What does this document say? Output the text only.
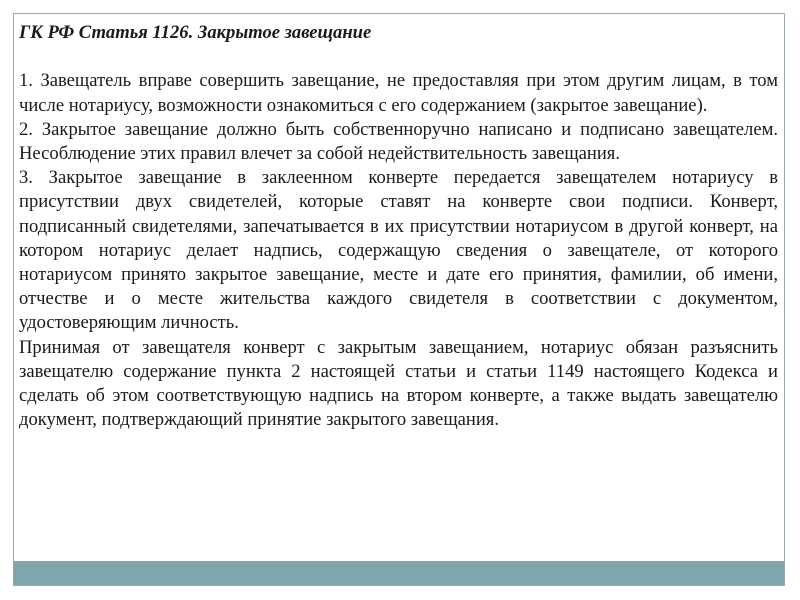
ГК РФ Статья 1126. Закрытое завещание

1. Завещатель вправе совершить завещание, не предоставляя при этом другим лицам, в том числе нотариусу, возможности ознакомиться с его содержанием (закрытое завещание).

2. Закрытое завещание должно быть собственноручно написано и подписано завещателем. Несоблюдение этих правил влечет за собой недействительность завещания.

3. Закрытое завещание в заклеенном конверте передается завещателем нотариусу в присутствии двух свидетелей, которые ставят на конверте свои подписи. Конверт, подписанный свидетелями, запечатывается в их присутствии нотариусом в другой конверт, на котором нотариус делает надпись, содержащую сведения о завещателе, от которого нотариусом принято закрытое завещание, месте и дате его принятия, фамилии, об имени, отчестве и о месте жительства каждого свидетеля в соответствии с документом, удостоверяющим личность.

Принимая от завещателя конверт с закрытым завещанием, нотариус обязан разъяснить завещателю содержание пункта 2 настоящей статьи и статьи 1149 настоящего Кодекса и сделать об этом соответствующую надпись на втором конверте, а также выдать завещателю документ, подтверждающий принятие закрытого завещания.
